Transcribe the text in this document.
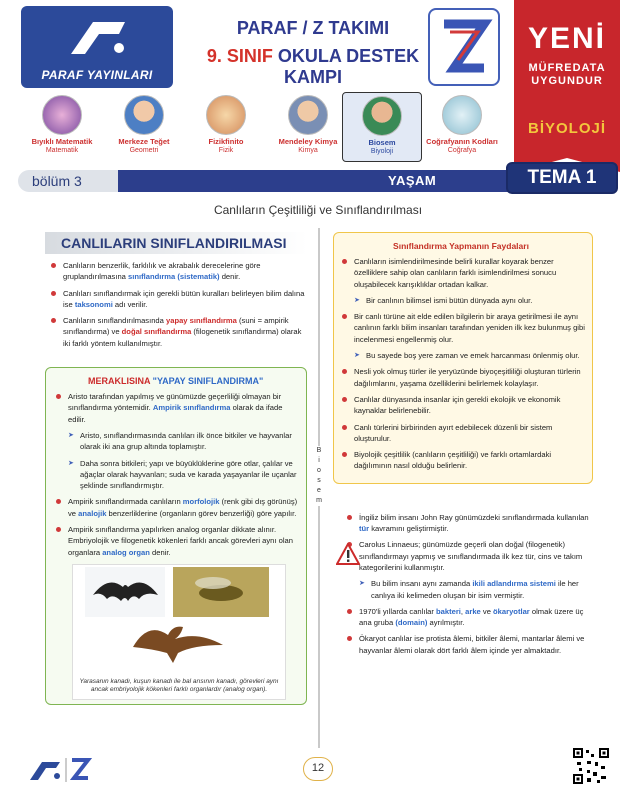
PARAF YAYINLARI
PARAF / Z TAKIMI
9. SINIF OKULA DESTEK KAMPI
YENİ
MÜFREDATA
UYGUNDUR
BİYOLOJİ
Bıyıklı Matematik
Matematik
Merkeze Teğet
Geometri
Fizikfinito
Fizik
Mendeley Kimya
Kimya
Biosem
Biyoloji
Coğrafyanın Kodları
Coğrafya
bölüm 3	YAŞAM	TEMA 1
Canlıların Çeşitliliği ve Sınıflandırılması
B
i
o
s
e
m
CANLILARIN SINIFLANDIRILMASI
Canlıların benzerlik, farklılık ve akrabalık derecelerine göre gruplandırılmasına sınıflandırma (sistematik) denir.
Canlıları sınıflandırmak için gerekli bütün kuralları belirleyen bilim dalına ise taksonomi adı verilir.
Canlıların sınıflandırılmasında yapay sınıflandırma (suni = ampirik sınıflandırma) ve doğal sınıflandırma (filogenetik sınıflandırma) olarak iki farklı yöntem kullanılmıştır.
MERAKLISINA "YAPAY SINIFLANDIRMA"
Aristo tarafından yapılmış ve günümüzde geçerliliği olmayan bir sınıflandırma yöntemidir. Ampirik sınıflandırma olarak da ifade edilir.
➤ Aristo, sınıflandırmasında canlıları ilk önce bitkiler ve hayvanlar olarak iki ana grup altında toplamıştır.
➤ Daha sonra bitkileri; yapı ve büyüklüklerine göre otlar, çalılar ve ağaçlar olarak hayvanları; suda ve karada yaşayanlar ile uçanlar şeklinde sınıflandırmıştır.
Ampirik sınıflandırmada canlıların morfolojik (renk gibi dış görünüş) ve analojik benzerliklerine (organların görev benzerliği) göre yapılır.
Ampirik sınıflandırma yapılırken analog organlar dikkate alınır. Embriyolojik ve filogenetik kökenleri farklı ancak görevleri aynı olan organlara analog organ denir.
Yarasanın kanadı, kuşun kanadı ile bal arısının kanadı, görevleri aynı ancak embriyolojik kökenleri farklı organlardır (analog organ).
Sınıflandırma Yapmanın Faydaları
Canlıların isimlendirilmesinde belirli kurallar koyarak benzer özelliklere sahip olan canlıların farklı isimlendirilmesi sonucu oluşabilecek karışıklıklar ortadan kalkar.
➤ Bir canlının bilimsel ismi bütün dünyada aynı olur.
Bir canlı türüne ait elde edilen bilgilerin bir araya getirilmesi ile aynı canlının farklı bilim insanları tarafından yeniden ilk kez bulunmuş gibi incelenmesi engellenmiş olur.
➤ Bu sayede boş yere zaman ve emek harcanması önlenmiş olur.
Nesli yok olmuş türler ile yeryüzünde biyoçeşitliliği oluşturan türlerin dağılımlarını, yaşama özelliklerini belirlemek kolaylaşır.
Canlılar dünyasında insanlar için gerekli ekolojik ve ekonomik kaynaklar belirlenebilir.
Canlı türlerini birbirinden ayırt edebilecek düzenli bir sistem oluşturulur.
Biyolojik çeşitlilik (canlıların çeşitliliği) ve farklı ortamlardaki dağılımının nasıl olduğu belirlenir.
İngiliz bilim insanı John Ray günümüzdeki sınıflandırmada kullanılan tür kavramını geliştirmiştir.
Carolus Linnaeus; günümüzde geçerli olan doğal (filogenetik) sınıflandırmayı yapmış ve sınıflandırmada ilk kez tür, cins ve takım kategorilerini kullanmıştır.
➤ Bu bilim insanı aynı zamanda ikili adlandırma sistemi ile her canlıya iki kelimeden oluşan bir isim vermiştir.
1970'li yıllarda canlılar bakteri, arke ve ökaryotlar olmak üzere üç ana gruba (domain) ayrılmıştır.
Ökaryot canlılar ise protista âlemi, bitkiler âlemi, mantarlar âlemi ve hayvanlar âlemi olarak dört farklı âlem içinde yer almaktadır.
12
